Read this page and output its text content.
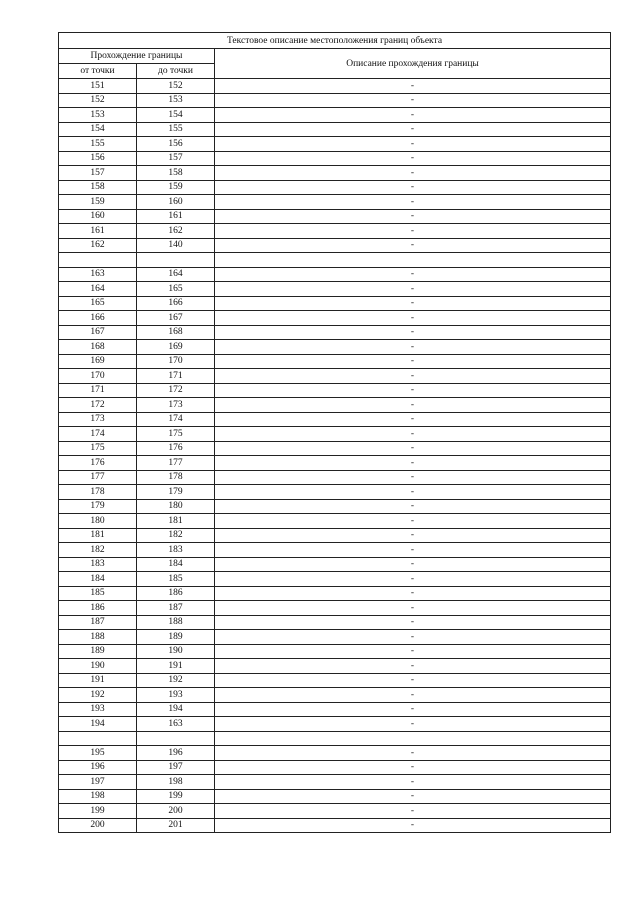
Текстовое описание местоположения границ объекта		
Прохождение границы		Описание прохождения границы
от точки	до точки	
151	152	-
152	153	-
153	154	-
154	155	-
155	156	-
156	157	-
157	158	-
158	159	-
159	160	-
160	161	-
161	162	-
162	140	-

163	164	-
164	165	-
165	166	-
166	167	-
167	168	-
168	169	-
169	170	-
170	171	-
171	172	-
172	173	-
173	174	-
174	175	-
175	176	-
176	177	-
177	178	-
178	179	-
179	180	-
180	181	-
181	182	-
182	183	-
183	184	-
184	185	-
185	186	-
186	187	-
187	188	-
188	189	-
189	190	-
190	191	-
191	192	-
192	193	-
193	194	-
194	163	-

195	196	-
196	197	-
197	198	-
198	199	-
199	200	-
200	201	-
